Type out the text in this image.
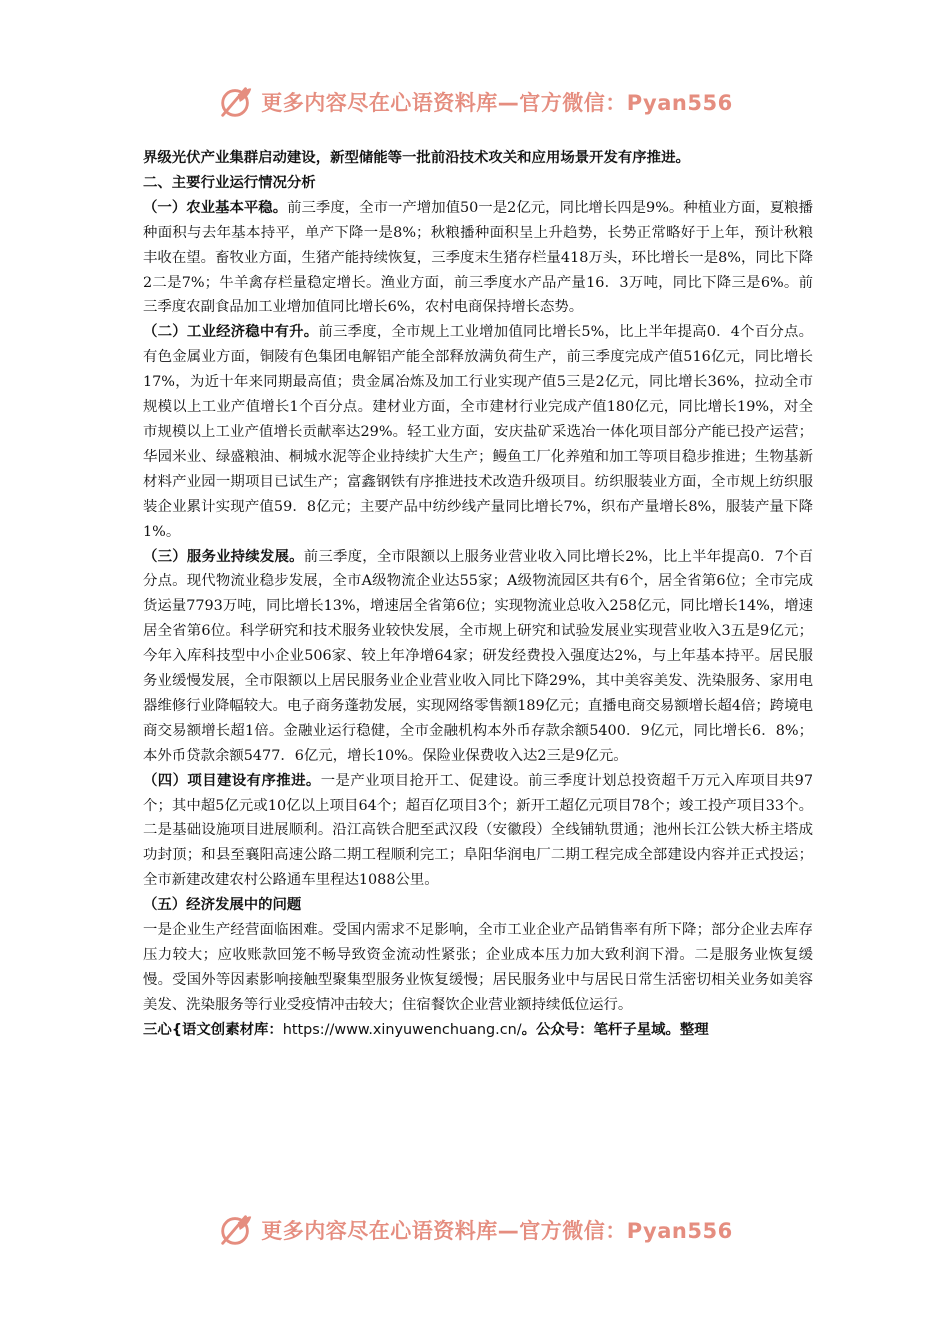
更多内容尽在心语资料库—官方微信：Pyan556

界级光伏产业集群启动建设，新型储能等一批前沿技术攻关和应用场景开发有序推进。

二、主要行业运行情况分析

（一）农业基本平稳。前三季度，全市一产增加值50一是2亿元，同比增长四是9%。种植业方面，夏粮播种面积与去年基本持平，单产下降一是8%；秋粮播种面积呈上升趋势，长势正常略好于上年，预计秋粮丰收在望。畜牧业方面，生猪产能持续恢复，三季度末生猪存栏量418万头，环比增长一是8%，同比下降2二是7%；牛羊禽存栏量稳定增长。渔业方面，前三季度水产品产量16．3万吨，同比下降三是6%。前三季度农副食品加工业增加值同比增长6%，农村电商保持增长态势。

（二）工业经济稳中有升。前三季度，全市规上工业增加值同比增长5%，比上半年提高0．4个百分点。有色金属业方面，铜陵有色集团电解铝产能全部释放满负荷生产，前三季度完成产值516亿元，同比增长17%，为近十年来同期最高值；贵金属冶炼及加工行业实现产值5三是2亿元，同比增长36%，拉动全市规模以上工业产值增长1个百分点。建材业方面，全市建材行业完成产值180亿元，同比增长19%，对全市规模以上工业产值增长贡献率达29%。轻工业方面，安庆盐矿采选冶一体化项目部分产能已投产运营；华园米业、绿盛粮油、桐城水泥等企业持续扩大生产；鳗鱼工厂化养殖和加工等项目稳步推进；生物基新材料产业园一期项目已试生产；富鑫钢铁有序推进技术改造升级项目。纺织服装业方面，全市规上纺织服装企业累计实现产值59．8亿元；主要产品中纺纱线产量同比增长7%，织布产量增长8%，服装产量下降1%。

（三）服务业持续发展。前三季度，全市限额以上服务业营业收入同比增长2%，比上半年提高0．7个百分点。现代物流业稳步发展，全市A级物流企业达55家；A级物流园区共有6个，居全省第6位；全市完成货运量7793万吨，同比增长13%，增速居全省第6位；实现物流业总收入258亿元，同比增长14%，增速居全省第6位。科学研究和技术服务业较快发展，全市规上研究和试验发展业实现营业收入3五是9亿元；今年入库科技型中小企业506家、较上年净增64家；研发经费投入强度达2%，与上年基本持平。居民服务业缓慢发展，全市限额以上居民服务业企业营业收入同比下降29%，其中美容美发、洗染服务、家用电器维修行业降幅较大。电子商务蓬勃发展，实现网络零售额189亿元；直播电商交易额增长超4倍；跨境电商交易额增长超1倍。金融业运行稳健，全市金融机构本外币存款余额5400．9亿元，同比增长6．8%；本外币贷款余额5477．6亿元，增长10%。保险业保费收入达2三是9亿元。

（四）项目建设有序推进。一是产业项目抢开工、促建设。前三季度计划总投资超千万元入库项目共97个；其中超5亿元或10亿以上项目64个；超百亿项目3个；新开工超亿元项目78个；竣工投产项目33个。二是基础设施项目进展顺利。沿江高铁合肥至武汉段（安徽段）全线铺轨贯通；池州长江公铁大桥主塔成功封顶；和县至襄阳高速公路二期工程顺利完工；阜阳华润电厂二期工程完成全部建设内容并正式投运；全市新建改建农村公路通车里程达1088公里。

（五）经济发展中的问题

一是企业生产经营面临困难。受国内需求不足影响，全市工业企业产品销售率有所下降；部分企业去库存压力较大；应收账款回笼不畅导致资金流动性紧张；企业成本压力加大致利润下滑。二是服务业恢复缓慢。受国外等因素影响接触型聚集型服务业恢复缓慢；居民服务业中与居民日常生活密切相关业务如美容美发、洗染服务等行业受疫情冲击较大；住宿餐饮企业营业额持续低位运行。

三心{语文创素材库：https://www.xinyuwenchuang.cn/。公众号：笔杆子星域。整理

更多内容尽在心语资料库—官方微信：Pyan556
